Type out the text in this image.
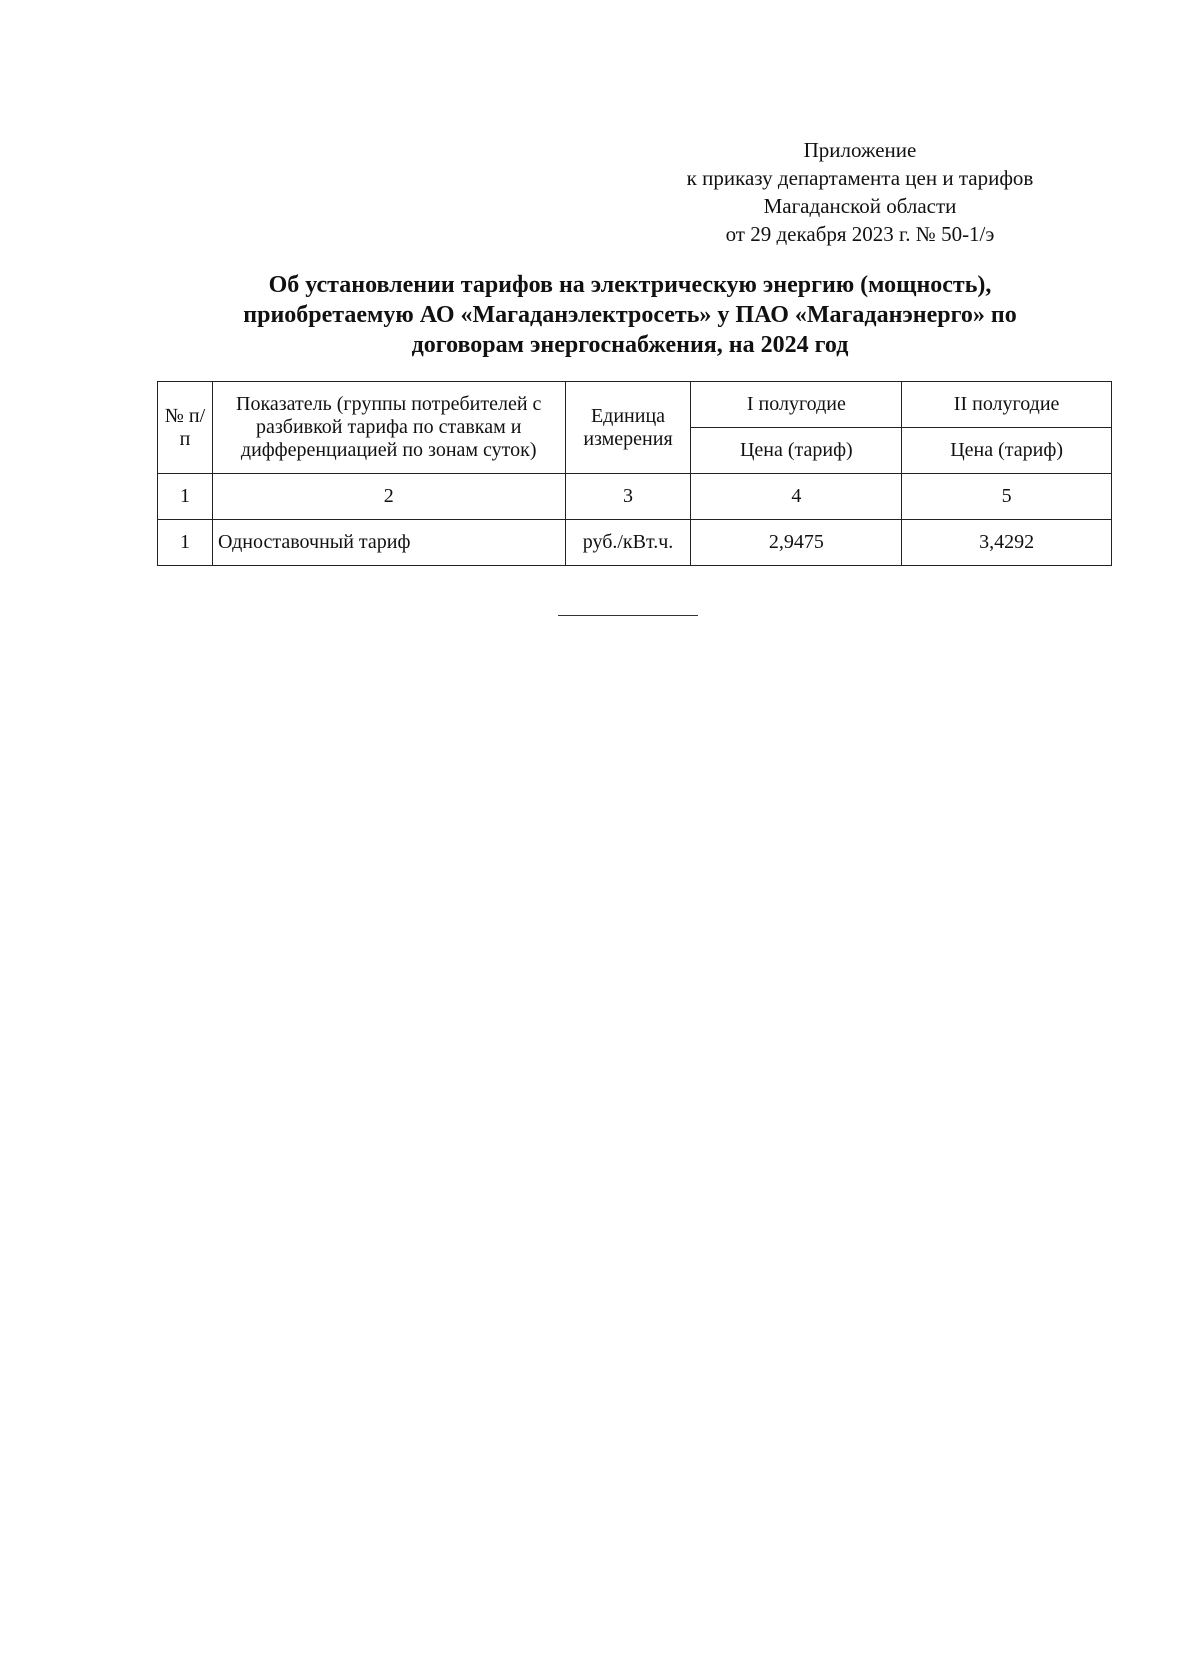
Приложение
к приказу департамента цен и тарифов
Магаданской области
от 29 декабря 2023 г. № 50-1/э
Об установлении тарифов на электрическую энергию (мощность),
приобретаемую АО «Магаданэлектросеть» у ПАО «Магаданэнерго» по
договорам энергоснабжения, на 2024 год
№ п/п	Показатель (группы потребителей с разбивкой тарифа по ставкам и дифференциацией по зонам суток)	Единица измерения	I полугодие	II полугодие
			Цена (тариф)	Цена (тариф)
1	2	3	4	5
1	Одноставочный тариф	руб./кВт.ч.	2,9475	3,4292
